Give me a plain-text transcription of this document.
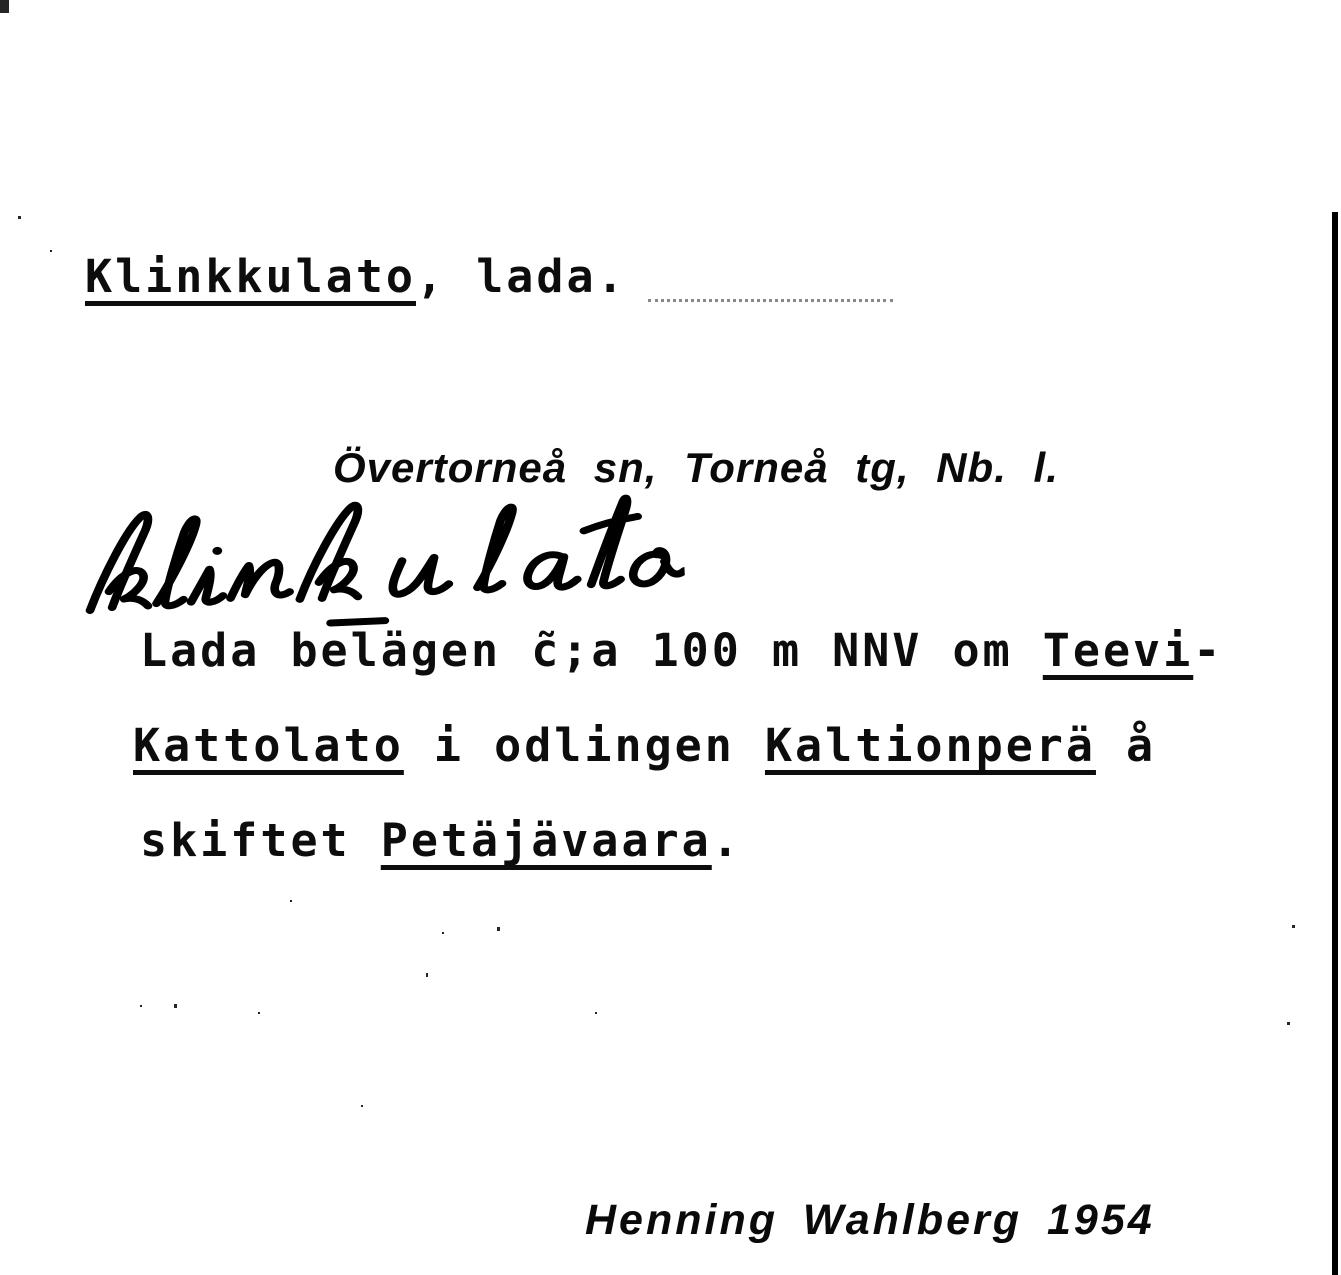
Klinkkulato, lada.
Övertorneå sn, Torneå tg, Nb. l.
Lada belägen c̃;a 100 m NNV om Teevi-
Kattolato i odlingen Kaltionperä å
skiftet Petäjävaara.
Henning Wahlberg 1954
